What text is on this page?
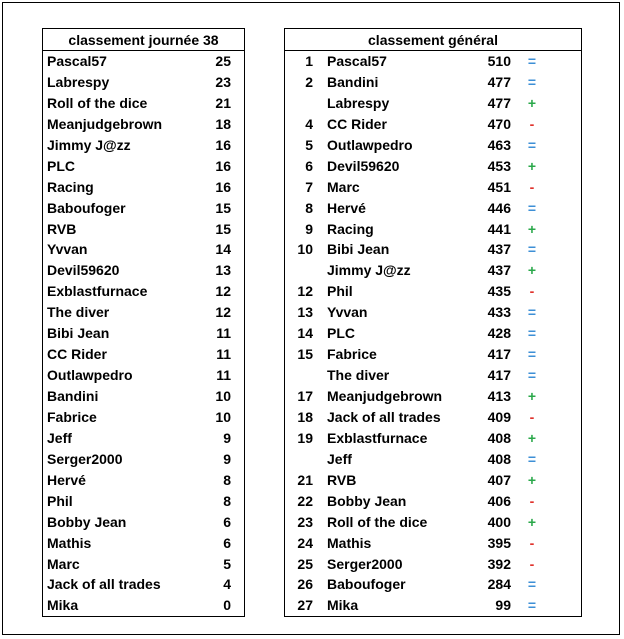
classement journée 38
Pascal57	25
Labrespy	23
Roll of the dice	21
Meanjudgebrown	18
Jimmy J@zz	16
PLC	16
Racing	16
Baboufoger	15
RVB	15
Yvvan	14
Devil59620	13
Exblastfurnace	12
The diver	12
Bibi Jean	11
CC Rider	11
Outlawpedro	11
Bandini	10
Fabrice	10
Jeff	9
Serger2000	9
Hervé	8
Phil	8
Bobby Jean	6
Mathis	6
Marc	5
Jack of all trades	4
Mika	0
classement général
1 Pascal57	510 =
2 Bandini	477 =
Labrespy	477 +
4 CC Rider	470	-
5 Outlawpedro	463 =
6 Devil59620	453 +
7 Marc	451	-
8 Hervé	446 =
9 Racing	441 +
10 Bibi Jean	437 =
Jimmy J@zz	437 +
12 Phil	435	-
13 Yvvan	433 =
14 PLC	428 =
15 Fabrice	417 =
The diver	417 =
17 Meanjudgebrown	413 +
18 Jack of all trades	409	-
19 Exblastfurnace	408 +
Jeff	408 =
21 RVB	407 +
22 Bobby Jean	406	-
23 Roll of the dice	400 +
24 Mathis	395	-
25 Serger2000	392	-
26 Baboufoger	284 =
27 Mika	99 =
